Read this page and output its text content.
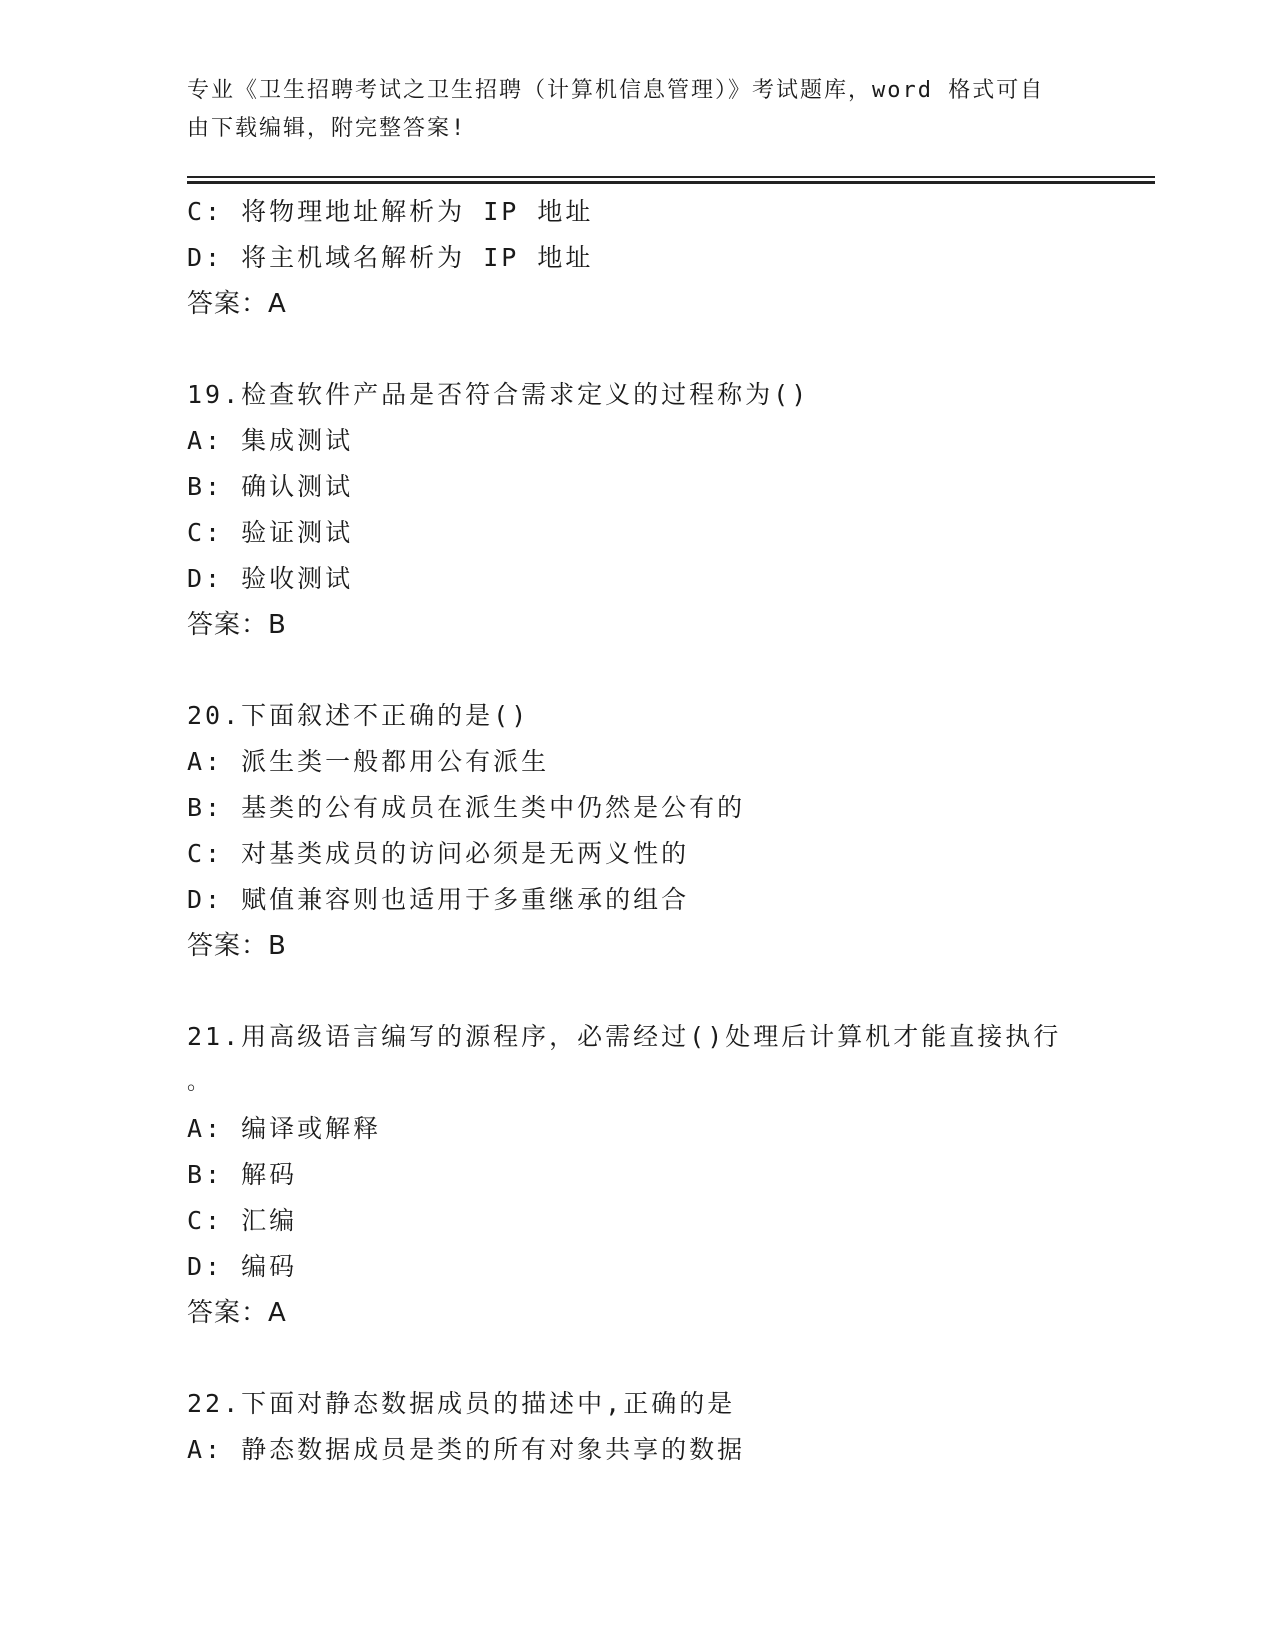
专业《卫生招聘考试之卫生招聘（计算机信息管理）》考试题库，word 格式可自
由下载编辑，附完整答案!
C: 将物理地址解析为 IP 地址
D: 将主机域名解析为 IP 地址
答案：A
19.检查软件产品是否符合需求定义的过程称为()
A: 集成测试
B: 确认测试
C: 验证测试
D: 验收测试
答案：B
20.下面叙述不正确的是()
A: 派生类一般都用公有派生
B: 基类的公有成员在派生类中仍然是公有的
C: 对基类成员的访问必须是无两义性的
D: 赋值兼容则也适用于多重继承的组合
答案：B
21.用高级语言编写的源程序，必需经过()处理后计算机才能直接执行
。
A: 编译或解释
B: 解码
C: 汇编
D: 编码
答案：A
22.下面对静态数据成员的描述中,正确的是
A: 静态数据成员是类的所有对象共享的数据
